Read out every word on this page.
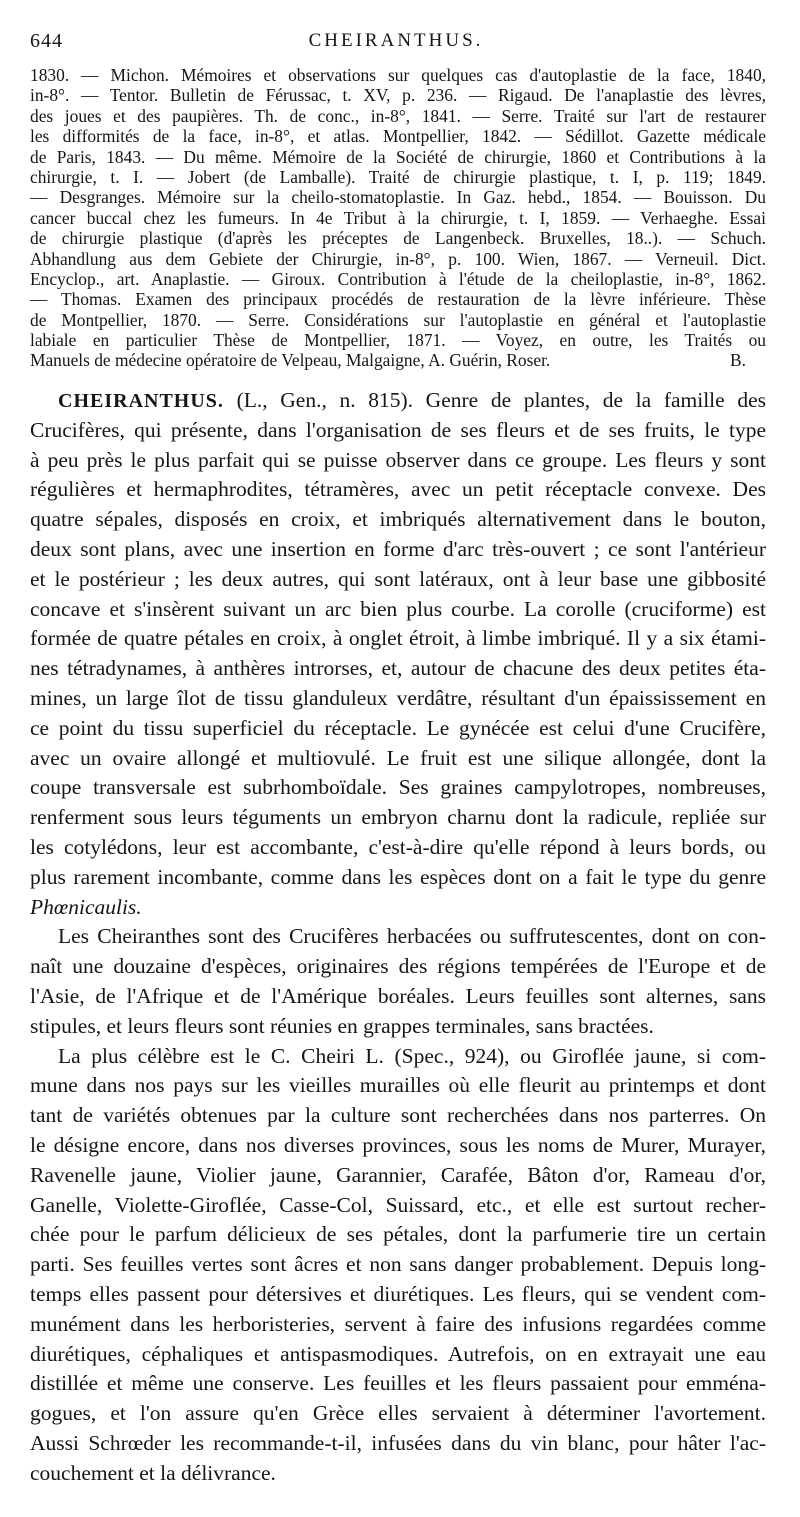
644	CHEIRANTHUS.
1830. — Michon. Mémoires et observations sur quelques cas d'autoplastie de la face, 1840,
in-8°. — Tentor. Bulletin de Férussac, t. XV, p. 236. — Rigaud. De l'anaplastie des lèvres,
des joues et des paupières. Th. de conc., in-8°, 1841. — Serre. Traité sur l'art de restaurer
les difformités de la face, in-8°, et atlas. Montpellier, 1842. — Sédillot. Gazette médicale
de Paris, 1843. — Du même. Mémoire de la Société de chirurgie, 1860 et Contributions à la
chirurgie, t. I. — Jobert (de Lamballe). Traité de chirurgie plastique, t. I, p. 119; 1849.
— Desgranges. Mémoire sur la cheilo-stomatoplastie. In Gaz. hebd., 1854. — Bouisson. Du
cancer buccal chez les fumeurs. In 4e Tribut à la chirurgie, t. I, 1859. — Verhaeghe. Essai
de chirurgie plastique (d'après les préceptes de Langenbeck. Bruxelles, 18..). — Schuch.
Abhandlung aus dem Gebiete der Chirurgie, in-8°, p. 100. Wien, 1867. — Verneuil. Dict.
Encyclop., art. Anaplastie. — Giroux. Contribution à l'étude de la cheiloplastie, in-8°, 1862.
— Thomas. Examen des principaux procédés de restauration de la lèvre inférieure. Thèse
de Montpellier, 1870. — Serre. Considérations sur l'autoplastie en général et l'autoplastie
labiale en particulier Thèse de Montpellier, 1871. — Voyez, en outre, les Traités ou
Manuels de médecine opératoire de Velpeau, Malgaigne, A. Guérin, Roser.	B.
CHEIRANTHUS. (L., Gen., n. 815). Genre de plantes, de la famille des
Crucifères, qui présente, dans l'organisation de ses fleurs et de ses fruits, le type
à peu près le plus parfait qui se puisse observer dans ce groupe. Les fleurs y sont
régulières et hermaphrodites, tétramères, avec un petit réceptacle convexe. Des
quatre sépales, disposés en croix, et imbriqués alternativement dans le bouton,
deux sont plans, avec une insertion en forme d'arc très-ouvert ; ce sont l'antérieur
et le postérieur ; les deux autres, qui sont latéraux, ont à leur base une gibbosité
concave et s'insèrent suivant un arc bien plus courbe. La corolle (cruciforme) est
formée de quatre pétales en croix, à onglet étroit, à limbe imbriqué. Il y a six étami-
nes tétradynames, à anthères introrses, et, autour de chacune des deux petites éta-
mines, un large îlot de tissu glanduleux verdâtre, résultant d'un épaississement en
ce point du tissu superficiel du réceptacle. Le gynécée est celui d'une Crucifère,
avec un ovaire allongé et multiovulé. Le fruit est une silique allongée, dont la
coupe transversale est subrhomboïdale. Ses graines campylotropes, nombreuses,
renferment sous leurs téguments un embryon charnu dont la radicule, repliée sur
les cotylédons, leur est accombante, c'est-à-dire qu'elle répond à leurs bords, ou
plus rarement incombante, comme dans les espèces dont on a fait le type du genre
Phœnicaulis.
Les Cheiranthes sont des Crucifères herbacées ou suffrutescentes, dont on con-
naît une douzaine d'espèces, originaires des régions tempérées de l'Europe et de
l'Asie, de l'Afrique et de l'Amérique boréales. Leurs feuilles sont alternes, sans
stipules, et leurs fleurs sont réunies en grappes terminales, sans bractées.
La plus célèbre est le C. Cheiri L. (Spec., 924), ou Giroflée jaune, si com-
mune dans nos pays sur les vieilles murailles où elle fleurit au printemps et dont
tant de variétés obtenues par la culture sont recherchées dans nos parterres. On
le désigne encore, dans nos diverses provinces, sous les noms de Murer, Murayer,
Ravenelle jaune, Violier jaune, Garannier, Carafée, Bâton d'or, Rameau d'or,
Ganelle, Violette-Giroflée, Casse-Col, Suissard, etc., et elle est surtout recher-
chée pour le parfum délicieux de ses pétales, dont la parfumerie tire un certain
parti. Ses feuilles vertes sont âcres et non sans danger probablement. Depuis long-
temps elles passent pour détersives et diurétiques. Les fleurs, qui se vendent com-
munément dans les herboristeries, servent à faire des infusions regardées comme
diurétiques, céphaliques et antispasmodiques. Autrefois, on en extrayait une eau
distillée et même une conserve. Les feuilles et les fleurs passaient pour emména-
gogues, et l'on assure qu'en Grèce elles servaient à déterminer l'avortement.
Aussi Schrœder les recommande-t-il, infusées dans du vin blanc, pour hâter l'ac-
couchement et la délivrance.
